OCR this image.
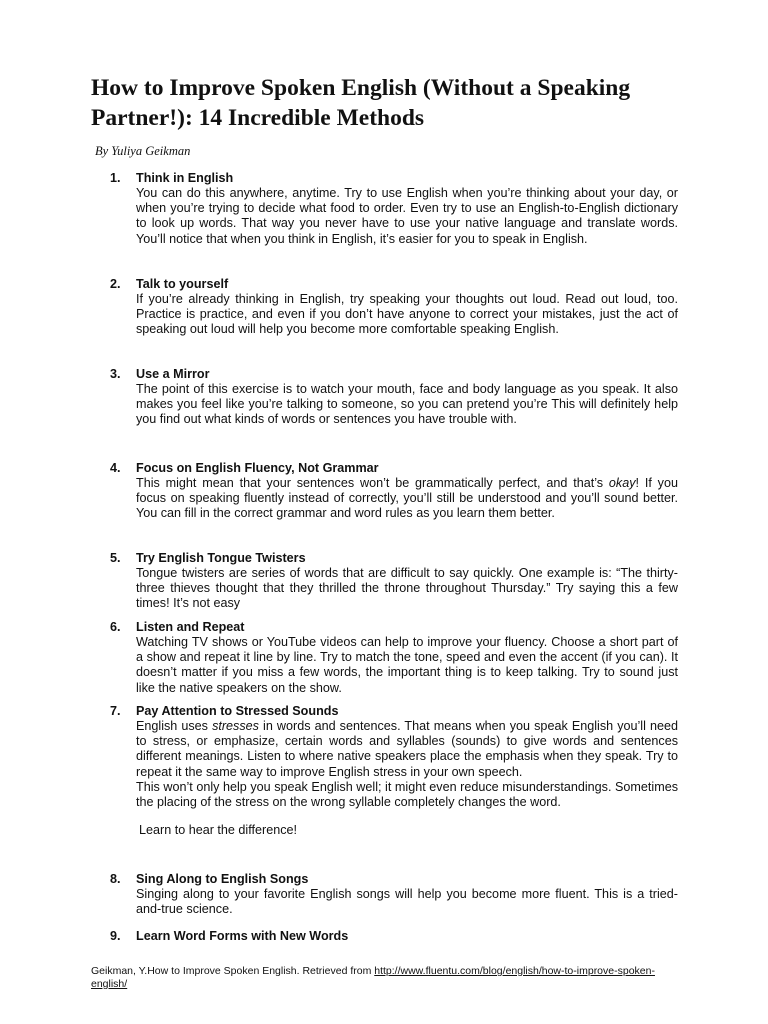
How to Improve Spoken English (Without a Speaking Partner!): 14 Incredible Methods

By Yuliya Geikman

1. Think in English

You can do this anywhere, anytime. Try to use English when you’re thinking about your day, or when you’re trying to decide what food to order. Even try to use an English-to-English dictionary to look up words. That way you never have to use your native language and translate words. You’ll notice that when you think in English, it’s easier for you to speak in English.

2. Talk to yourself

If you’re already thinking in English, try speaking your thoughts out loud. Read out loud, too. Practice is practice, and even if you don’t have anyone to correct your mistakes, just the act of speaking out loud will help you become more comfortable speaking English.

3. Use a Mirror

The point of this exercise is to watch your mouth, face and body language as you speak. It also makes you feel like you’re talking to someone, so you can pretend you’re This will definitely help you find out what kinds of words or sentences you have trouble with.

4. Focus on English Fluency, Not Grammar

This might mean that your sentences won’t be grammatically perfect, and that’s okay! If you focus on speaking fluently instead of correctly, you’ll still be understood and you’ll sound better. You can fill in the correct grammar and word rules as you learn them better.

5. Try English Tongue Twisters

Tongue twisters are series of words that are difficult to say quickly. One example is: “The thirty-three thieves thought that they thrilled the throne throughout Thursday.” Try saying this a few times! It’s not easy

6. Listen and Repeat

Watching TV shows or YouTube videos can help to improve your fluency. Choose a short part of a show and repeat it line by line. Try to match the tone, speed and even the accent (if you can). It doesn’t matter if you miss a few words, the important thing is to keep talking. Try to sound just like the native speakers on the show.

7. Pay Attention to Stressed Sounds

English uses stresses in words and sentences. That means when you speak English you’ll need to stress, or emphasize, certain words and syllables (sounds) to give words and sentences different meanings. Listen to where native speakers place the emphasis when they speak. Try to repeat it the same way to improve English stress in your own speech.

This won’t only help you speak English well; it might even reduce misunderstandings. Sometimes the placing of the stress on the wrong syllable completely changes the word.

Learn to hear the difference!

8. Sing Along to English Songs

Singing along to your favorite English songs will help you become more fluent. This is a tried-and-true science.

9. Learn Word Forms with New Words

Geikman, Y.How to Improve Spoken English. Retrieved from http://www.fluentu.com/blog/english/how-to-improve-spoken-english/
